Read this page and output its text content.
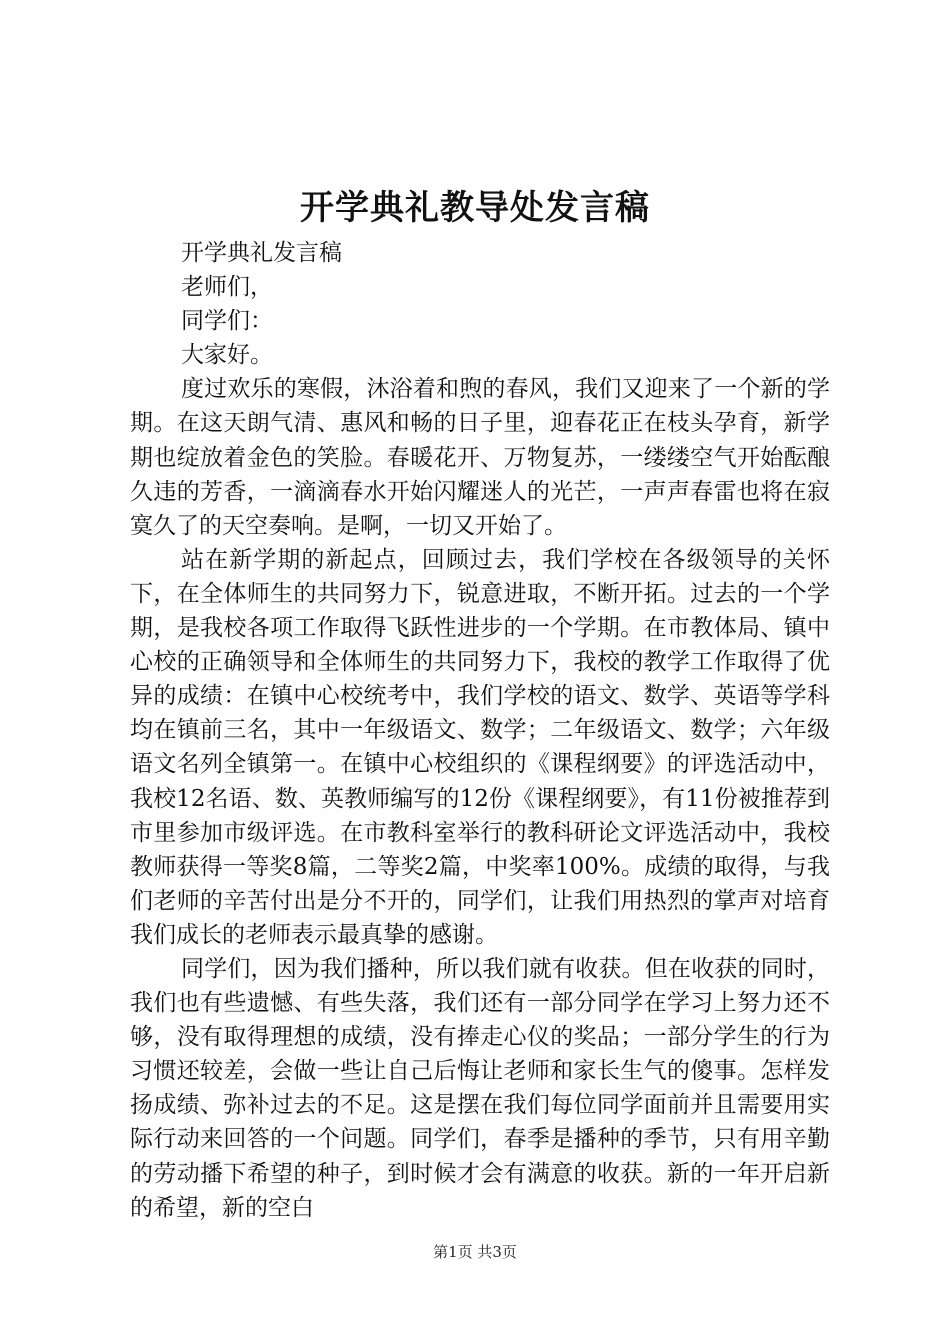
开学典礼教导处发言稿

开学典礼发言稿

老师们，

同学们：

大家好。

度过欢乐的寒假，沐浴着和煦的春风，我们又迎来了一个新的学期。在这天朗气清、惠风和畅的日子里，迎春花正在枝头孕育，新学期也绽放着金色的笑脸。春暖花开、万物复苏，一缕缕空气开始酝酿久违的芳香，一滴滴春水开始闪耀迷人的光芒，一声声春雷也将在寂寞久了的天空奏响。是啊，一切又开始了。

站在新学期的新起点，回顾过去，我们学校在各级领导的关怀下，在全体师生的共同努力下，锐意进取，不断开拓。过去的一个学期，是我校各项工作取得飞跃性进步的一个学期。在市教体局、镇中心校的正确领导和全体师生的共同努力下，我校的教学工作取得了优异的成绩：在镇中心校统考中，我们学校的语文、数学、英语等学科均在镇前三名，其中一年级语文、数学；二年级语文、数学；六年级语文名列全镇第一。在镇中心校组织的《课程纲要》的评选活动中，我校12名语、数、英教师编写的12份《课程纲要》，有11份被推荐到市里参加市级评选。在市教科室举行的教科研论文评选活动中，我校教师获得一等奖8篇，二等奖2篇，中奖率100%。成绩的取得，与我们老师的辛苦付出是分不开的，同学们，让我们用热烈的掌声对培育我们成长的老师表示最真挚的感谢。

同学们，因为我们播种，所以我们就有收获。但在收获的同时，我们也有些遗憾、有些失落，我们还有一部分同学在学习上努力还不够，没有取得理想的成绩，没有捧走心仪的奖品；一部分学生的行为习惯还较差，会做一些让自己后悔让老师和家长生气的傻事。怎样发扬成绩、弥补过去的不足。这是摆在我们每位同学面前并且需要用实际行动来回答的一个问题。同学们，春季是播种的季节，只有用辛勤的劳动播下希望的种子，到时候才会有满意的收获。新的一年开启新的希望，新的空白

第1页 共3页
